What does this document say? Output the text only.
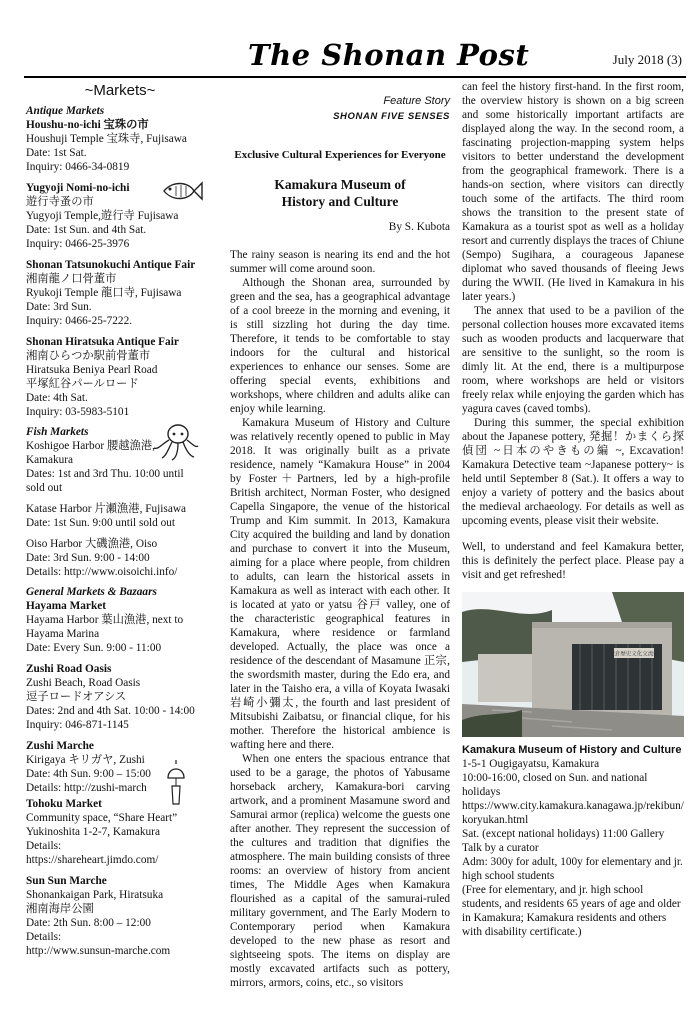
The Shonan Post	July 2018 (3)
~Markets~
Antique Markets
Houshu-no-ichi 宝珠の市
Houshuji Temple 宝珠寺, Fujisawa
Date: 1st Sat.
Inquiry: 0466-34-0819
Yugyoji Nomi-no-ichi
遊行寺蚤の市
Yugyoji Temple,遊行寺 Fujisawa
Date: 1st Sun. and 4th Sat.
Inquiry: 0466-25-3976
Shonan Tatsunokuchi Antique Fair
湘南龍ノ口骨董市
Ryukoji Temple 龍口寺, Fujisawa
Date: 3rd Sun.
Inquiry: 0466-25-7222.
Shonan Hiratsuka Antique Fair
湘南ひらつか駅前骨董市
Hiratsuka Beniya Pearl Road
平塚紅谷パールロード
Date: 4th Sat.
Inquiry: 03-5983-5101
Fish Markets
Koshigoe Harbor 腰越漁港,
Kamakura
Dates: 1st and 3rd Thu. 10:00 until
sold out
Katase Harbor 片瀬漁港, Fujisawa
Date: 1st Sun. 9:00 until sold out
Oiso Harbor 大磯漁港, Oiso
Date: 3rd Sun. 9:00 - 14:00
Details: http://www.oisoichi.info/
General Markets & Bazaars
Hayama Market
Hayama Harbor 葉山漁港, next to
Hayama Marina
Date: Every Sun. 9:00 - 11:00
Zushi Road Oasis
Zushi Beach, Road Oasis
逗子ロードオアシス
Dates: 2nd and 4th Sat. 10:00 - 14:00
Inquiry: 046-871-1145
Zushi Marche
Kirigaya キリガヤ, Zushi
Date: 4th Sun. 9:00 – 15:00
Details: http://zushi-march
Tohoku Market
Community space, “Share Heart”
Yukinoshita 1-2-7, Kamakura
Details:
https://shareheart.jimdo.com/
Sun Sun Marche
Shonankaigan Park, Hiratsuka
湘南海岸公園
Date: 2th Sun. 8:00 – 12:00
Details:
http://www.sunsun-marche.com
Feature Story
SHONAN FIVE SENSES
Exclusive Cultural Experiences for Everyone
Kamakura Museum of
History and Culture
By S. Kubota

The rainy season is nearing its end and the hot summer will come around soon.

Although the Shonan area, surrounded by green and the sea, has a geographical advantage of a cool breeze in the morning and evening, it is still sizzling hot during the day time. Therefore, it tends to be comfortable to stay indoors for the cultural and historical experiences to enhance our senses. Some are offering special events, exhibitions and workshops, where children and adults alike can enjoy while learning.

Kamakura Museum of History and Culture was relatively recently opened to public in May 2018. It was originally built as a private residence, namely “Kamakura House” in 2004 by Foster＋Partners, led by a high-profile British architect, Norman Foster, who designed Capella Singapore, the venue of the historical Trump and Kim summit. In 2013, Kamakura City acquired the building and land by donation and purchase to convert it into the Museum, aiming for a place where people, from children to adults, can learn the historical assets in Kamakura as well as interact with each other. It is located at yato or yatsu 谷戸 valley, one of the characteristic geographical features in Kamakura, where residence or farmland developed. Actually, the place was once a residence of the descendant of Masamune 正宗, the swordsmith master, during the Edo era, and later in the Taisho era, a villa of Koyata Iwasaki 岩崎小彌太, the fourth and last president of Mitsubishi Zaibatsu, or financial clique, for his mother. Therefore the historical ambience is wafting here and there.

When one enters the spacious entrance that used to be a garage, the photos of Yabusame horseback archery, Kamakura-bori carving artwork, and a prominent Masamune sword and Samurai armor (replica) welcome the guests one after another. They represent the succession of the cultures and tradition that dignifies the atmosphere. The main building consists of three rooms: an overview of history from ancient times, The Middle Ages when Kamakura flourished as a capital of the samurai-ruled military government, and The Early Modern to Contemporary period when Kamakura developed to the new phase as resort and sightseeing spots. The items on display are mostly excavated artifacts such as pottery, mirrors, armors, coins, etc., so visitors

can feel the history first-hand. In the first room, the overview history is shown on a big screen and some historically important artifacts are displayed along the way. In the second room, a fascinating projection-mapping system helps visitors to better understand the development from the geographical framework. There is a hands-on section, where visitors can directly touch some of the artifacts. The third room shows the transition to the present state of Kamakura as a tourist spot as well as a holiday resort and currently displays the traces of Chiune (Sempo) Sugihara, a courageous Japanese diplomat who saved thousands of fleeing Jews during the WWII. (He lived in Kamakura in his later years.)

The annex that used to be a pavilion of the personal collection houses more excavated items such as wooden products and lacquerware that are sensitive to the sunlight, so the room is dimly lit. At the end, there is a multipurpose room, where workshops are held or visitors freely relax while enjoying the garden which has yagura caves (caved tombs).

During this summer, the special exhibition about the Japanese pottery, 発掘！かまくら探偵団 ~日本のやきもの編 ~, Excavation! Kamakura Detective team ~Japanese pottery~ is held until September 8 (Sat.). It offers a way to enjoy a variety of pottery and the basics about the medieval archaeology. For details as well as upcoming events, please visit their website.

Well, to understand and feel Kamakura better, this is definitely the perfect place. Please pay a visit and get refreshed!

鎌倉歴史文化交流館
Kamakura Museum of History and Culture
1-5-1 Ougigayatsu, Kamakura
10:00-16:00, closed on Sun. and national holidays
https://www.city.kamakura.kanagawa.jp/rekibun/koryukan.html
Sat. (except national holidays) 11:00 Gallery Talk by a curator
Adm: 300y for adult, 100y for elementary and jr. high school students
(Free for elementary, and jr. high school students, and residents 65 years of age and older in Kamakura; Kamakura residents and others with disability certificate.)
